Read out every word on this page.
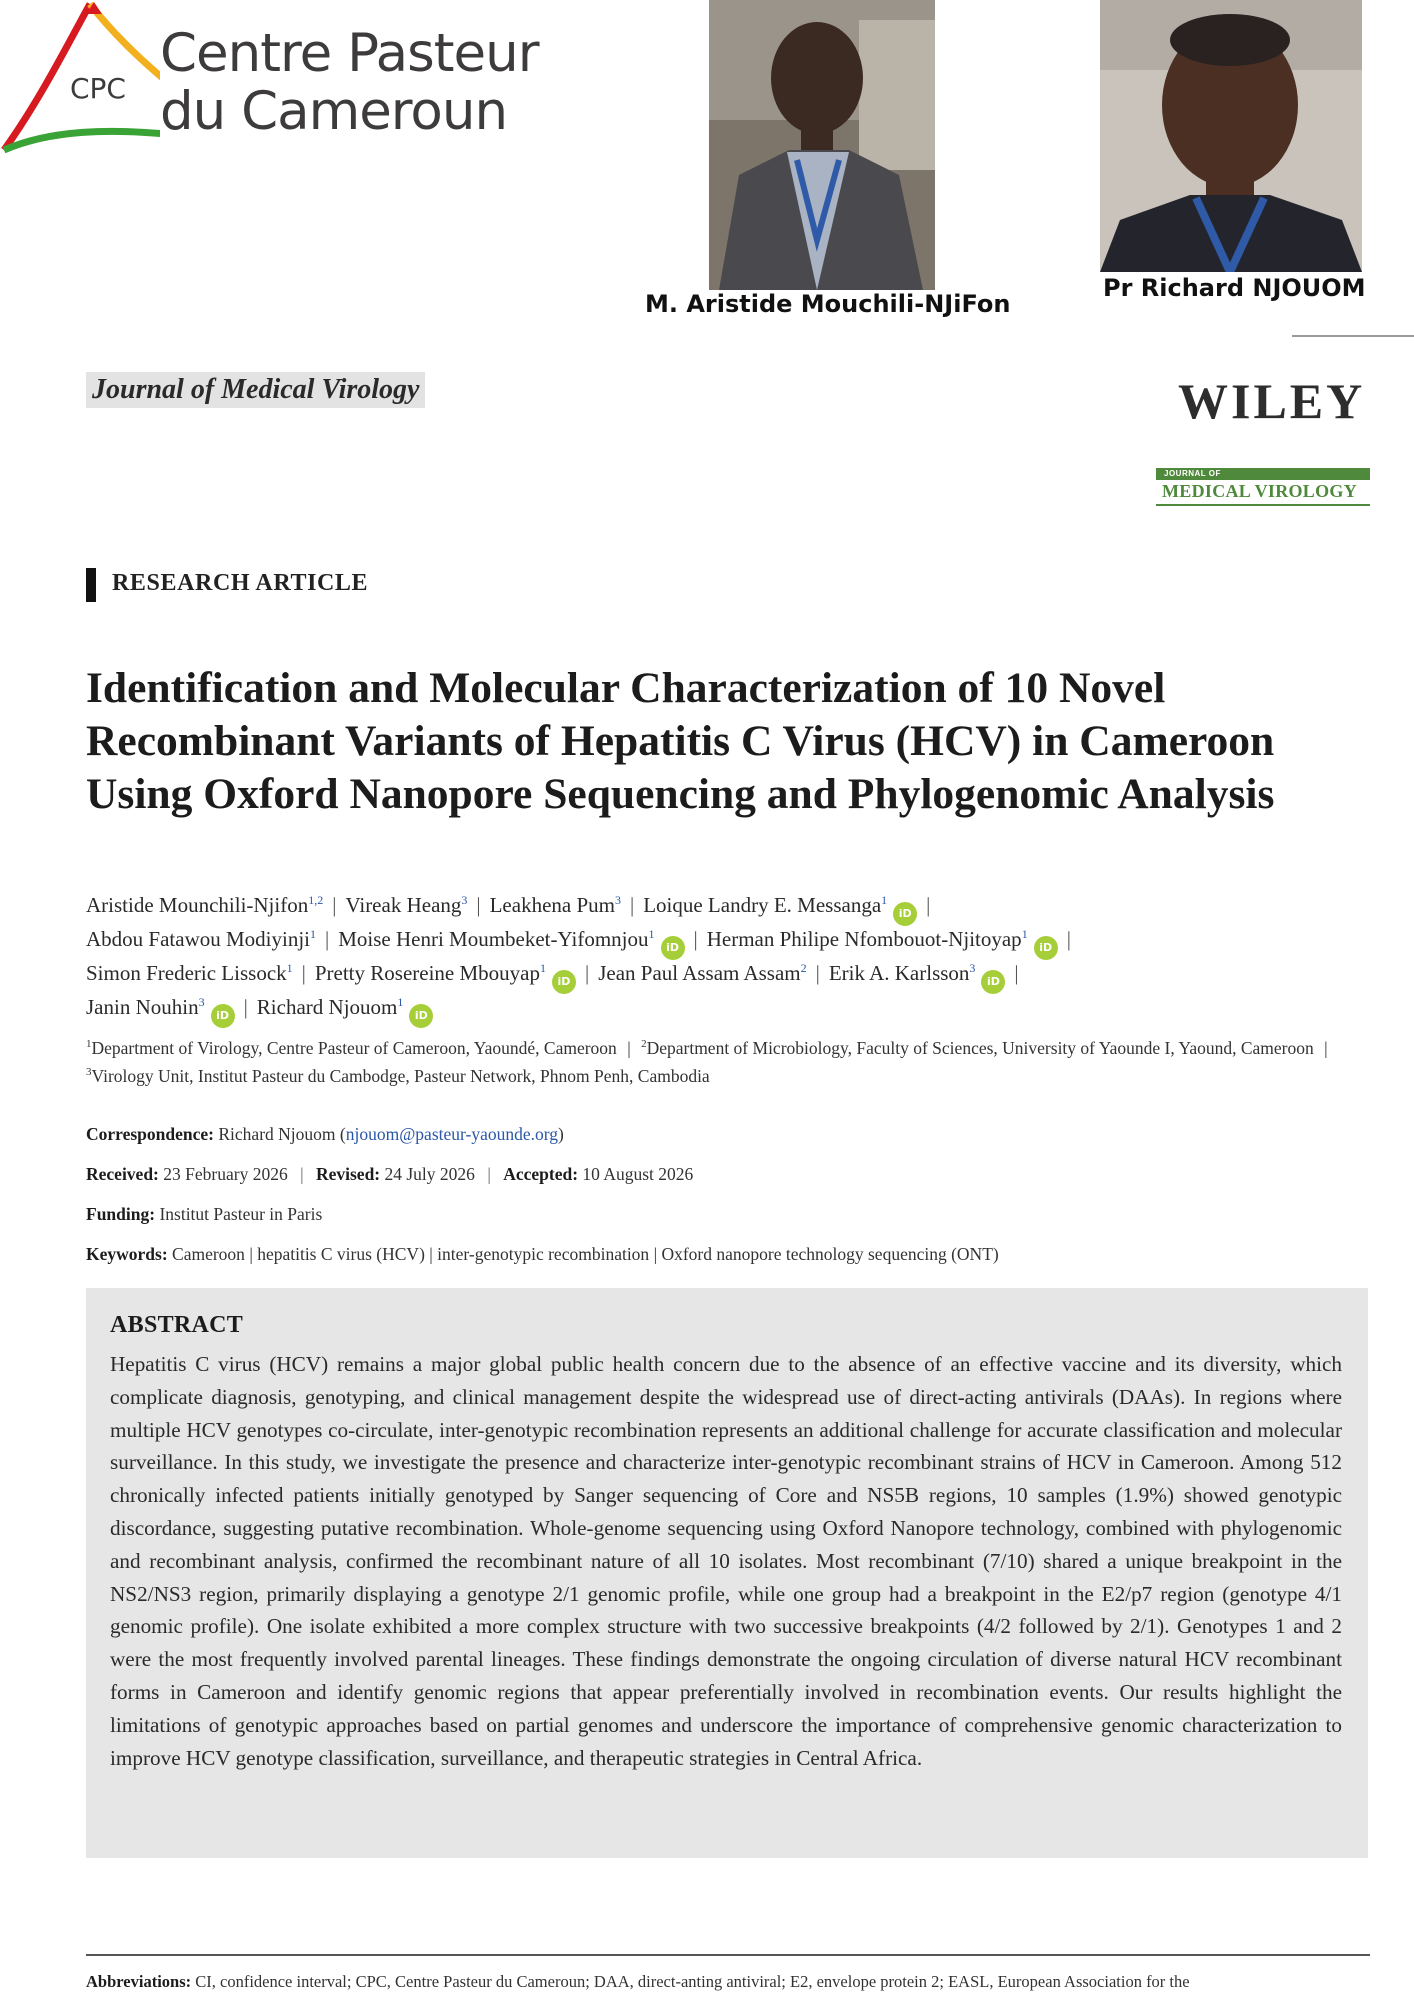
CPC
Centre Pasteur
du Cameroun
M. Aristide Mouchili-NJiFon
Pr Richard NJOUOM
Journal of Medical Virology	WILEY
JOURNAL OF
MEDICAL VIROLOGY
RESEARCH ARTICLE
Identification and Molecular Characterization of 10 Novel Recombinant Variants of Hepatitis C Virus (HCV) in Cameroon Using Oxford Nanopore Sequencing and Phylogenomic Analysis
Aristide Mounchili-Njifon$^{1,2}$ | Vireak Heang$^3$ | Leakhena Pum$^3$ | Loique Landry E. Messanga$^1$iD |
Abdou Fatawou Modiyinji$^1$ | Moise Henri Moumbeket-Yifomnjou$^1$iD | Herman Philipe Nfombouot-Njitoyap$^1$iD |
Simon Frederic Lissock$^1$ | Pretty Rosereine Mbouyap$^1$iD | Jean Paul Assam Assam$^2$ | Erik A. Karlsson$^3$iD |
Janin Nouhin$^3$iD | Richard Njouom$^1$iD
$^1$Department of Virology, Centre Pasteur of Cameroon, Yaoundé, Cameroon | $^2$Department of Microbiology, Faculty of Sciences, University of Yaounde I, Yaound, Cameroon | $^3$Virology Unit, Institut Pasteur du Cambodge, Pasteur Network, Phnom Penh, Cambodia
Correspondence: Richard Njouom (njouom@pasteur-yaounde.org)
Received: 23 February 2026 | Revised: 24 July 2026 | Accepted: 10 August 2026
Funding: Institut Pasteur in Paris
Keywords: Cameroon | hepatitis C virus (HCV) | inter-genotypic recombination | Oxford nanopore technology sequencing (ONT)
ABSTRACT
Hepatitis C virus (HCV) remains a major global public health concern due to the absence of an effective vaccine and its diversity, which complicate diagnosis, genotyping, and clinical management despite the widespread use of direct-acting antivirals (DAAs). In regions where multiple HCV genotypes co-circulate, inter-genotypic recombination represents an additional challenge for accurate classification and molecular surveillance. In this study, we investigate the presence and characterize inter-genotypic recombinant strains of HCV in Cameroon. Among 512 chronically infected patients initially genotyped by Sanger sequencing of Core and NS5B regions, 10 samples (1.9%) showed genotypic discordance, suggesting putative recombination. Whole-genome sequencing using Oxford Nanopore technology, combined with phylogenomic and recombinant analysis, confirmed the recombinant nature of all 10 isolates. Most recombinant (7/10) shared a unique breakpoint in the NS2/NS3 region, primarily displaying a genotype 2/1 genomic profile, while one group had a breakpoint in the E2/p7 region (genotype 4/1 genomic profile). One isolate exhibited a more complex structure with two successive breakpoints (4/2 followed by 2/1). Genotypes 1 and 2 were the most frequently involved parental lineages. These findings demonstrate the ongoing circulation of diverse natural HCV recombinant forms in Cameroon and identify genomic regions that appear preferentially involved in recombination events. Our results highlight the limitations of genotypic approaches based on partial genomes and underscore the importance of comprehensive genomic characterization to improve HCV genotype classification, surveillance, and therapeutic strategies in Central Africa.
Abbreviations: CI, confidence interval; CPC, Centre Pasteur du Cameroun; DAA, direct-anting antiviral; E2, envelope protein 2; EASL, European Association for the
